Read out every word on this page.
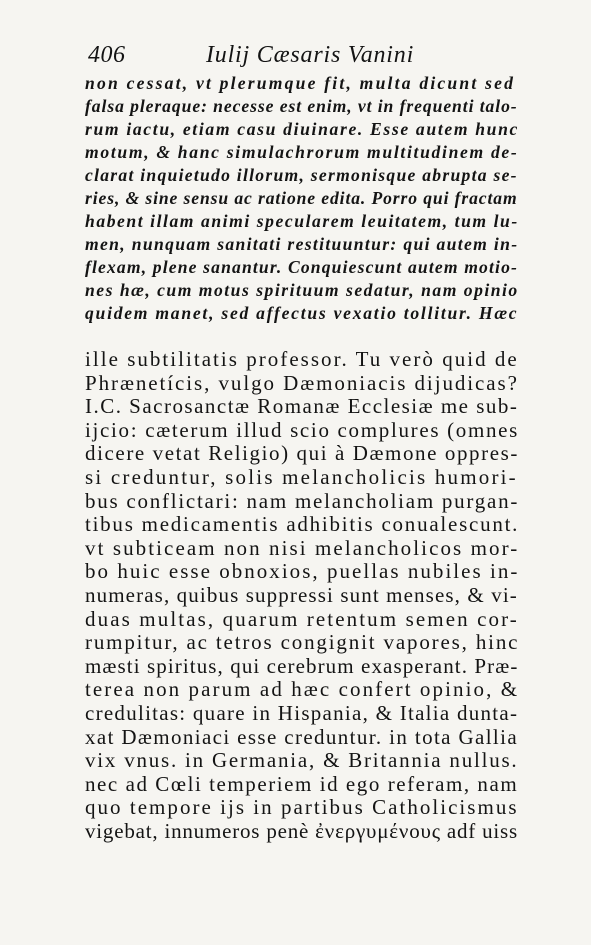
406	Iulij Cæsaris Vanini
non cessat, vt plerumque fit, multa dicunt sed
falsa pleraque: necesse est enim, vt in frequenti talo-
rum iactu, etiam casu diuinare. Esse autem hunc
motum, & hanc simulachrorum multitudinem de-
clarat inquietudo illorum, sermonisque abrupta se-
ries, & sine sensu ac ratione edita. Porro qui fractam
habent illam animi specularem leuitatem, tum lu-
men, nunquam sanitati restituuntur: qui autem in-
flexam, plene sanantur. Conquiescunt autem motio-
nes hæ, cum motus spirituum sedatur, nam opinio
quidem manet, sed affectus vexatio tollitur. Hæc
ille subtilitatis professor. Tu verò quid de
Phrænetícis, vulgo Dæmoniacis dijudicas?
I.C. Sacrosanctæ Romanæ Ecclesiæ me sub-
ijcio: cæterum illud scio complures (omnes
dicere vetat Religio) qui à Dæmone oppres-
si creduntur, solis melancholicis humori-
bus conflictari: nam melancholiam purgan-
tibus medicamentis adhibitis conualescunt.
vt subticeam non nisi melancholicos mor-
bo huic esse obnoxios, puellas nubiles in-
numeras, quibus suppressi sunt menses, & vi-
duas multas, quarum retentum semen cor-
rumpitur, ac tetros congignit vapores, hinc
mæsti spiritus, qui cerebrum exasperant. Præ-
terea non parum ad hæc confert opinio, &
credulitas: quare in Hispania, & Italia dunta-
xat Dæmoniaci esse creduntur. in tota Gallia
vix vnus. in Germania, & Britannia nullus.
nec ad Cœli temperiem id ego referam, nam
quo tempore ijs in partibus Catholicismus
vigebat, innumeros penè ἐνεργυμένους adf uiss
